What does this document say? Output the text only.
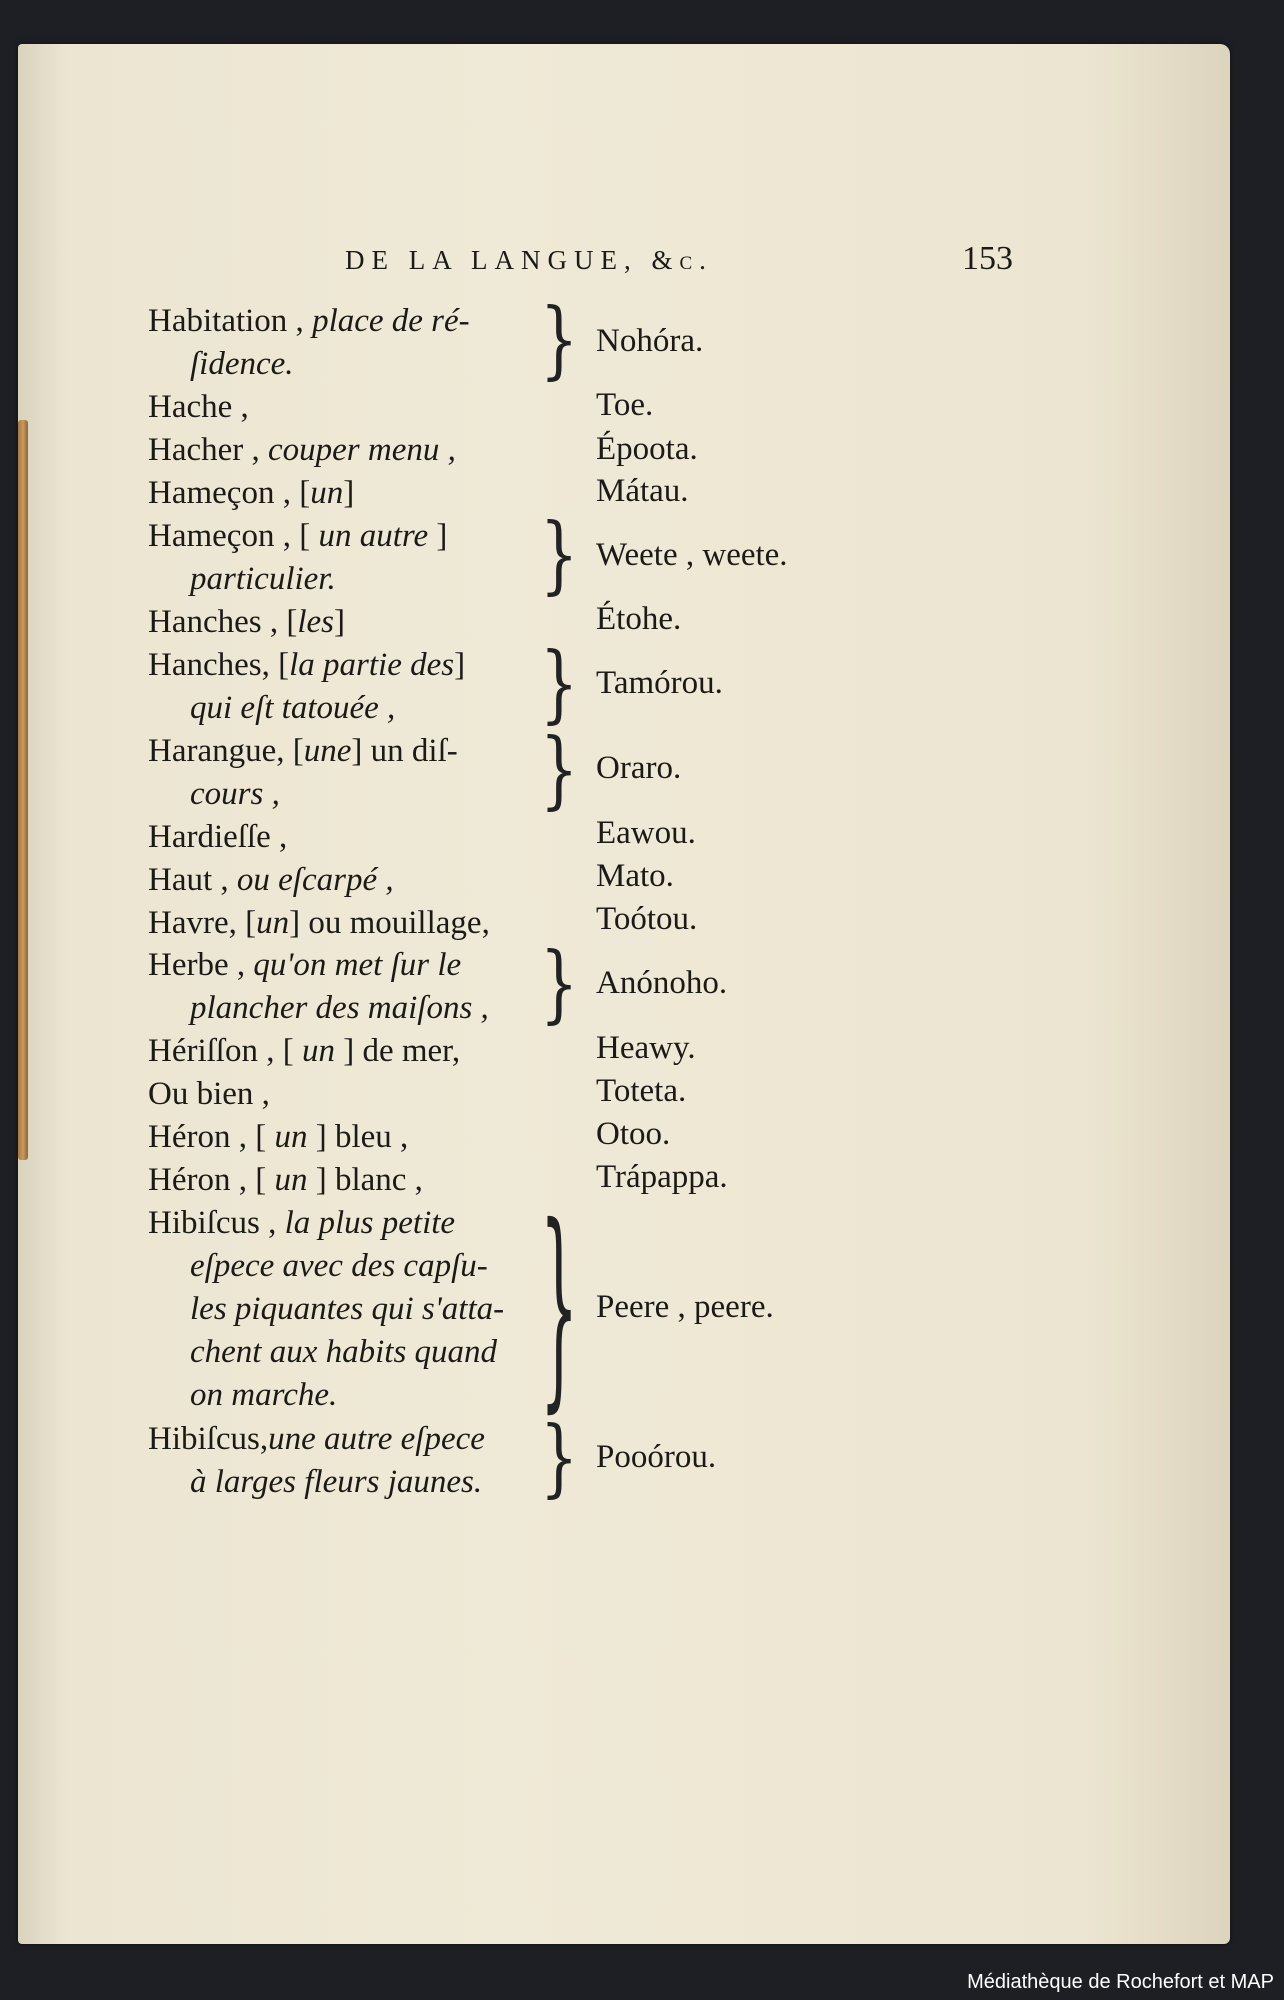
DE LA LANGUE, &c.	153
Habitation , place de ré-
ſidence.	} Nohóra.
Hache ,	Toe.
Hacher , couper menu ,	Épоota.
Hameçon , [un]	Mátau.
Hameçon , [ un autre ]
particulier.	} Weete , weete.
Hanches , [les]	Étohe.
Hanches, [la partie des]
qui eſt tatouée ,	} Tamórou.
Harangue, [une] un diſ-
cours ,	} Oraro.
Hardieſſe ,	Eawou.
Haut , ou eſcarpé ,	Mato.
Havre, [un] ou mouillage,	Toótou.
Herbe , qu'on met ſur le
plancher des maiſons , } Anónoho.
Hériſſon , [ un ] de mer,	Heawy.
Ou bien ,	Toteta.
Héron , [ un ] bleu ,	Otoo.
Héron , [ un ] blanc ,	Trápappa.
Hibiſcus , la plus petite
eſpece avec des capſu-
les piquantes qui s'atta-
chent aux habits quand
on marche.	} Peere , peere.
Hibiſcus,une autre eſpece
à larges fleurs jaunes. } Pooórou.
Médiathèque de Rochefort et MAP
